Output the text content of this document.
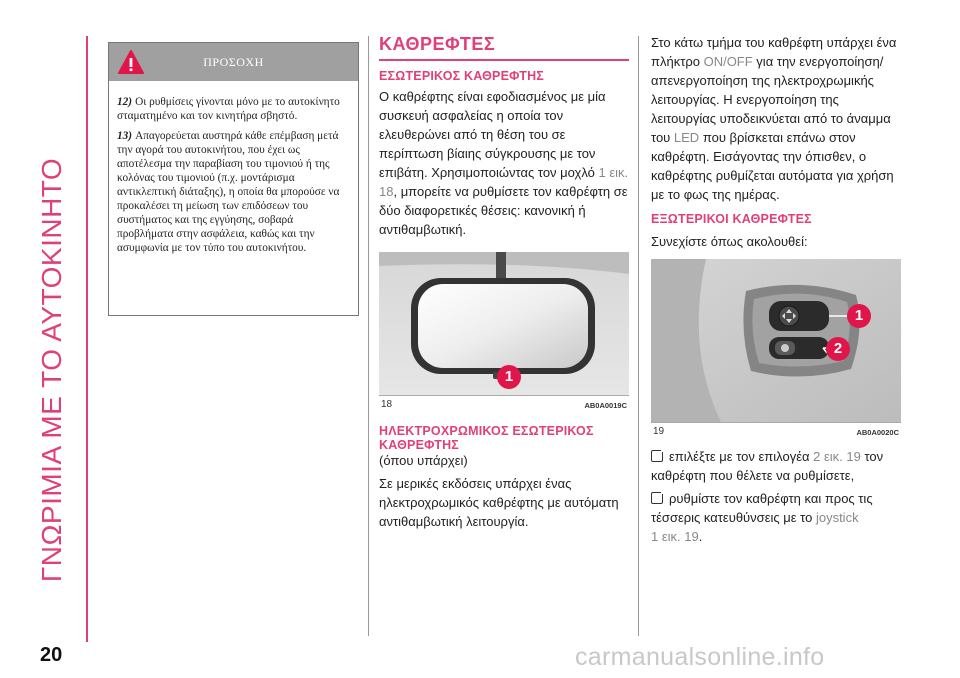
ΓΝΩΡΙΜΙΑ ΜΕ ΤΟ ΑΥΤΟΚΙΝΗΤΟ
ΠΡΟΣΟΧΗ

12) Οι ρυθμίσεις γίνονται μόνο με το αυτοκίνητο σταματημένο και τον κινητήρα σβηστό.

13) Απαγορεύεται αυστηρά κάθε επέμβαση μετά την αγορά του αυτοκινήτου, που έχει ως αποτέλεσμα την παραβίαση του τιμονιού ή της κολόνας του τιμονιού (π.χ. μοντάρισμα αντικλεπτική διάταξης), η οποία θα μπορούσε να προκαλέσει τη μείωση των επιδόσεων του συστήματος και της εγγύησης, σοβαρά προβλήματα στην ασφάλεια, καθώς και την ασυμφωνία με τον τύπο του αυτοκινήτου.

ΚΑΘΡΕΦΤΕΣ
ΕΣΩΤΕΡΙΚΟΣ ΚΑΘΡΕΦΤΗΣ

Ο καθρέφτης είναι εφοδιασμένος με μία συσκευή ασφαλείας η οποία τον ελευθερώνει από τη θέση του σε περίπτωση βίαιης σύγκρουσης με τον επιβάτη. Χρησιμοποιώντας τον μοχλό 1 εικ. 18, μπορείτε να ρυθμίσετε τον καθρέφτη σε δύο διαφορετικές θέσεις: κανονική ή αντιθαμβωτική.

1
18	AB0A0019C
ΗΛΕΚΤΡΟΧΡΩΜΙΚΟΣ ΕΣΩΤΕΡΙΚΟΣ ΚΑΘΡΕΦΤΗΣ
(όπου υπάρχει)

Σε μερικές εκδόσεις υπάρχει ένας ηλεκτροχρωμικός καθρέφτης με αυτόματη αντιθαμβωτική λειτουργία.

Στο κάτω τμήμα του καθρέφτη υπάρχει ένα πλήκτρο ON/OFF για την ενεργοποίηση/απενεργοποίηση της ηλεκτροχρωμικής λειτουργίας. Η ενεργοποίηση της λειτουργίας υποδεικνύεται από το άναμμα του LED που βρίσκεται επάνω στον καθρέφτη. Εισάγοντας την όπισθεν, ο καθρέφτης ρυθμίζεται αυτόματα για χρήση με το φως της ημέρας.

ΕΞΩΤΕΡΙΚΟΙ ΚΑΘΡΕΦΤΕΣ

Συνεχίστε όπως ακολουθεί:

1
2
19	AB0A0020C

επιλέξτε με τον επιλογέα 2 εικ. 19 τον καθρέφτη που θέλετε να ρυθμίσετε,

ρυθμίστε τον καθρέφτη και προς τις τέσσερις κατευθύνσεις με το joystick
1 εικ. 19.

20	carmanualsonline.info
